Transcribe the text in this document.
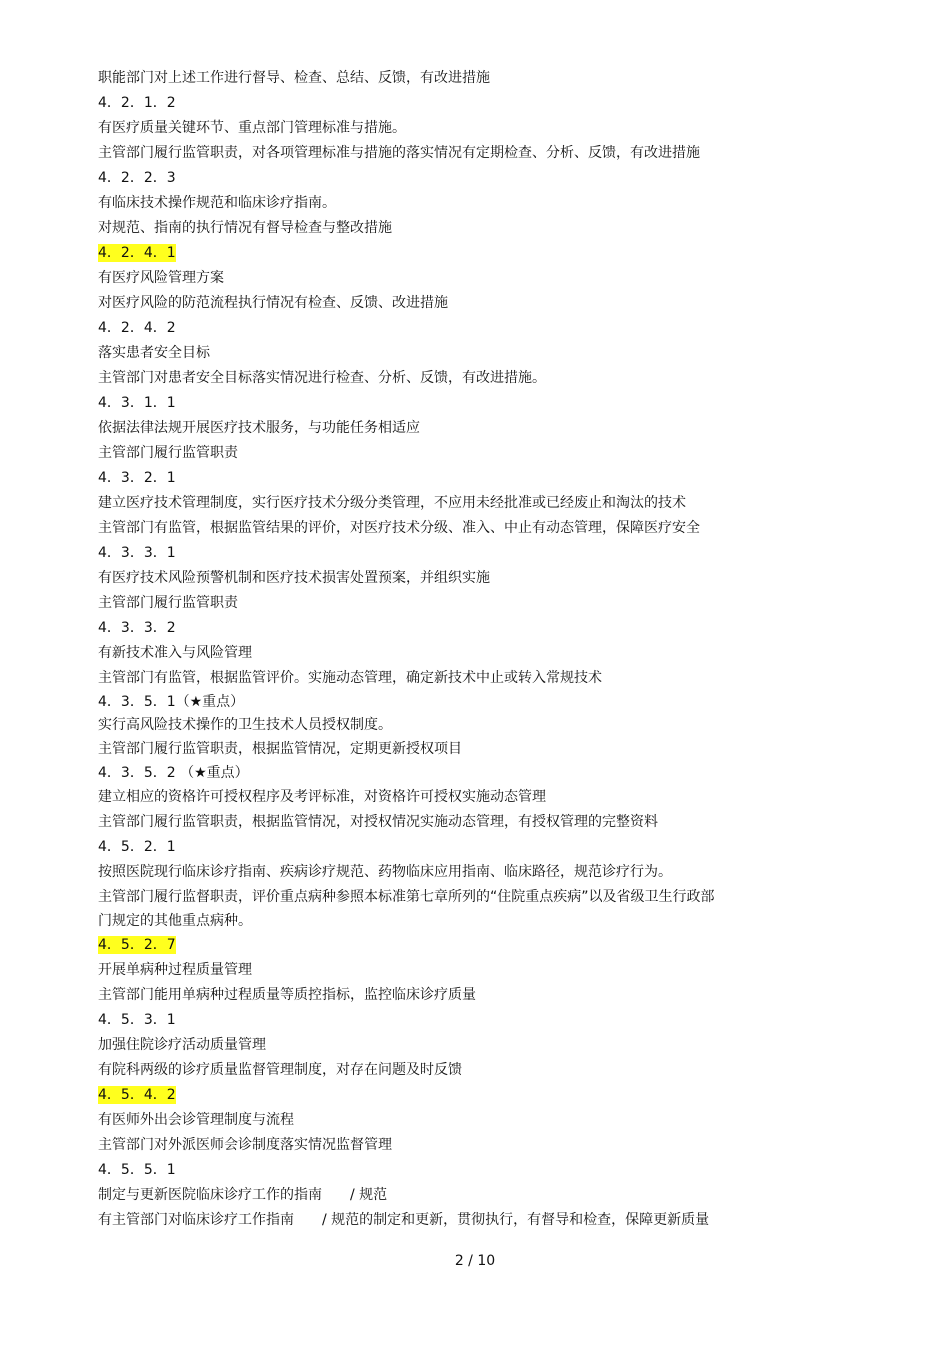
职能部门对上述工作进行督导、检查、总结、反馈，有改进措施
4．2．1．2
有医疗质量关键环节、重点部门管理标准与措施。
主管部门履行监管职责，对各项管理标准与措施的落实情况有定期检查、分析、反馈，有改进措施
4．2．2．3
有临床技术操作规范和临床诊疗指南。
对规范、指南的执行情况有督导检查与整改措施
4．2．4．1
有医疗风险管理方案
对医疗风险的防范流程执行情况有检查、反馈、改进措施
4．2．4．2
落实患者安全目标
主管部门对患者安全目标落实情况进行检查、分析、反馈，有改进措施。
4．3．1．1
依据法律法规开展医疗技术服务，与功能任务相适应
主管部门履行监管职责
4．3．2．1
建立医疗技术管理制度，实行医疗技术分级分类管理，不应用未经批准或已经废止和淘汰的技术
主管部门有监管，根据监管结果的评价，对医疗技术分级、准入、中止有动态管理，保障医疗安全
4．3．3．1
有医疗技术风险预警机制和医疗技术损害处置预案，并组织实施
主管部门履行监管职责
4．3．3．2
有新技术准入与风险管理
主管部门有监管，根据监管评价。实施动态管理，确定新技术中止或转入常规技术
4．3．5．1（★重点）
实行高风险技术操作的卫生技术人员授权制度。
主管部门履行监管职责，根据监管情况，定期更新授权项目
4．3．5．2 （★重点）
建立相应的资格许可授权程序及考评标准，对资格许可授权实施动态管理
主管部门履行监管职责，根据监管情况，对授权情况实施动态管理，有授权管理的完整资料
4．5．2．1
按照医院现行临床诊疗指南、疾病诊疗规范、药物临床应用指南、临床路径，规范诊疗行为。
主管部门履行监督职责，评价重点病种参照本标准第七章所列的“住院重点疾病”以及省级卫生行政部
门规定的其他重点病种。
4．5．2．7
开展单病种过程质量管理
主管部门能用单病种过程质量等质控指标，监控临床诊疗质量
4．5．3．1
加强住院诊疗活动质量管理
有院科两级的诊疗质量监督管理制度，对存在问题及时反馈
4．5．4．2
有医师外出会诊管理制度与流程
主管部门对外派医师会诊制度落实情况监督管理
4．5．5．1
制定与更新医院临床诊疗工作的指南　　/ 规范
有主管部门对临床诊疗工作指南　　/ 规范的制定和更新，贯彻执行，有督导和检查，保障更新质量
2 / 10
